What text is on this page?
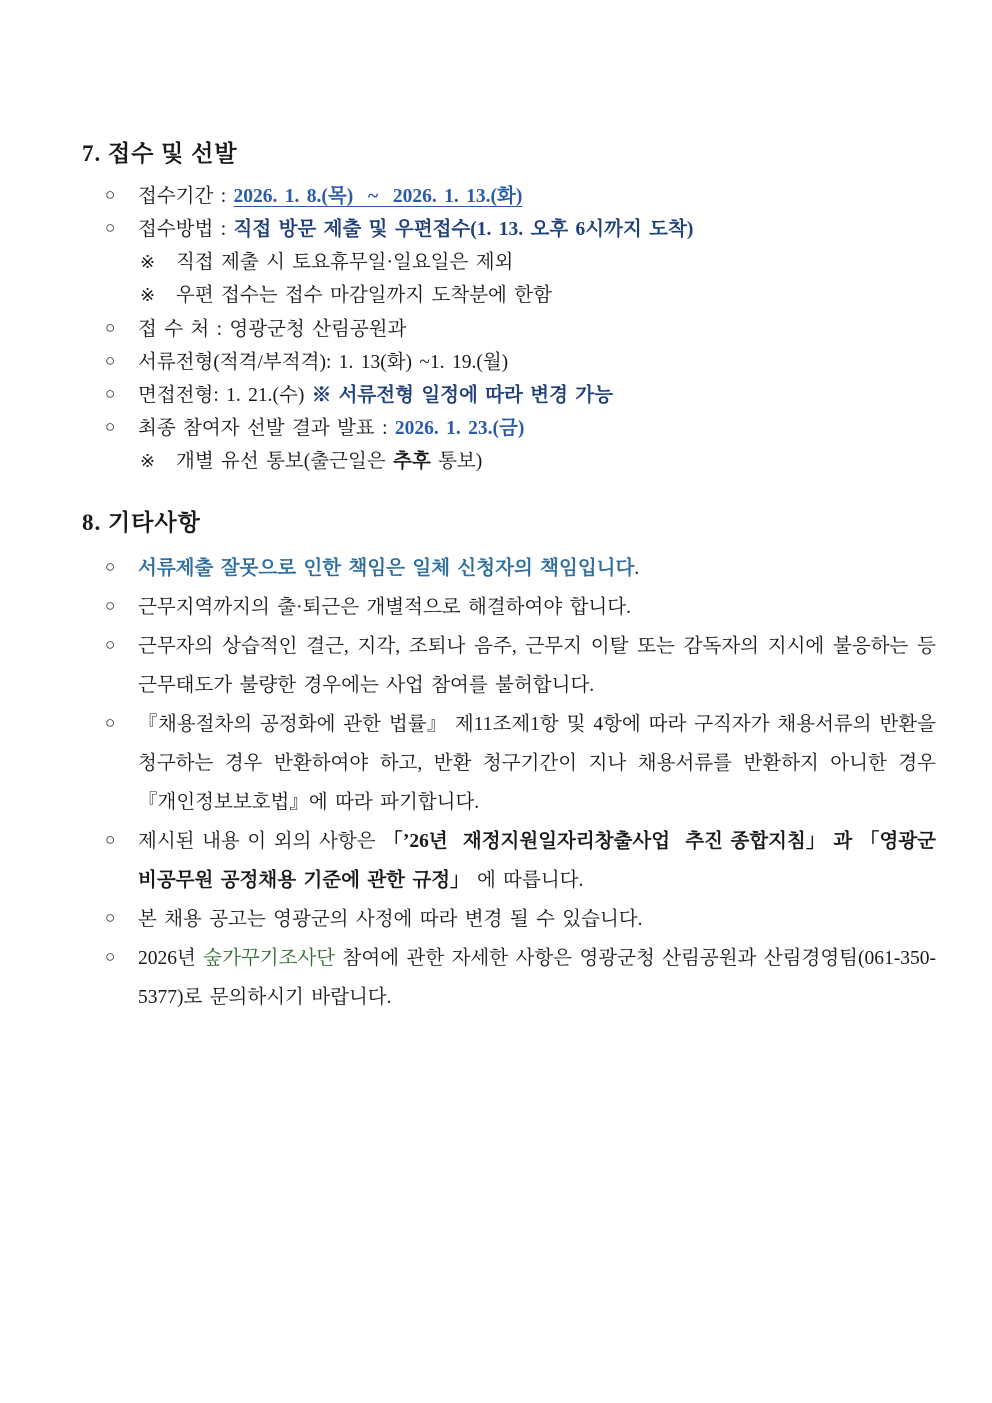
7. 접수 및 선발
○	접수기간 : 2026. 1. 8.(목)  ~  2026. 1. 13.(화)
○	접수방법 : 직접 방문 제출 및 우편접수(1. 13. 오후 6시까지 도착)
※	직접 제출 시 토요휴무일·일요일은 제외
※	우편 접수는 접수 마감일까지 도착분에 한함
○	접 수 처 : 영광군청 산림공원과
○	서류전형(적격/부적격): 1. 13(화) ~1. 19.(월)
○	면접전형: 1. 21.(수) ※ 서류전형 일정에 따라 변경 가능
○	최종 참여자 선발 결과 발표 : 2026. 1. 23.(금)
※	개별 유선 통보(출근일은 추후 통보)
8. 기타사항
○	서류제출 잘못으로 인한 책임은 일체 신청자의 책임입니다.
○	근무지역까지의 출·퇴근은 개별적으로 해결하여야 합니다.
○	근무자의 상습적인 결근, 지각, 조퇴나 음주, 근무지 이탈 또는 감독자의 지시에 불응하는 등 근무태도가 불량한 경우에는 사업 참여를 불허합니다.
○	『채용절차의 공정화에 관한 법률』 제11조제1항 및 4항에 따라 구직자가 채용서류의 반환을 청구하는 경우 반환하여야 하고, 반환 청구기간이 지나 채용서류를 반환하지 아니한 경우 『개인정보보호법』에 따라 파기합니다.
○	제시된 내용 이 외의 사항은 「’26년  재정지원일자리창출사업  추진 종합지침」 과 「영광군 비공무원 공정채용 기준에 관한 규정」 에 따릅니다.
○	본 채용 공고는 영광군의 사정에 따라 변경 될 수 있습니다.
○	2026년 숲가꾸기조사단 참여에 관한 자세한 사항은 영광군청 산림공원과 산림경영팀(061-350-5377)로 문의하시기 바랍니다.
